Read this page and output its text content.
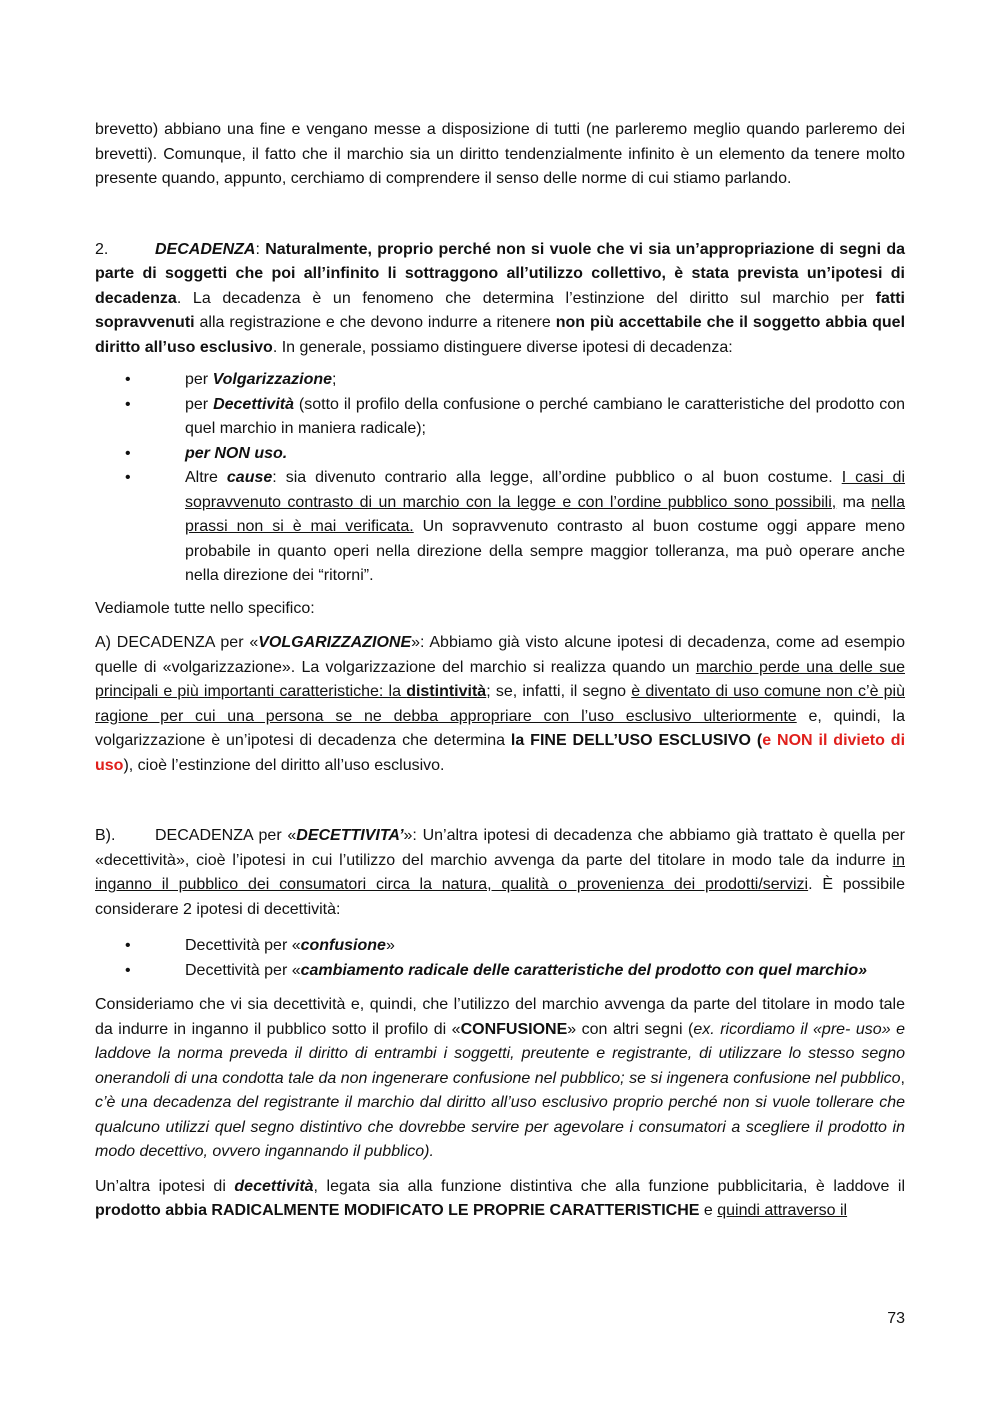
brevetto) abbiano una fine e vengano messe a disposizione di tutti (ne parleremo meglio quando parleremo dei brevetti). Comunque, il fatto che il marchio sia un diritto tendenzialmente infinito è un elemento da tenere molto presente quando, appunto, cerchiamo di comprendere il senso delle norme di cui stiamo parlando.

2.	DECADENZA: Naturalmente, proprio perché non si vuole che vi sia un’appropriazione di segni da parte di soggetti che poi all’infinito li sottraggono all’utilizzo collettivo, è stata prevista un’ipotesi di decadenza. La decadenza è un fenomeno che determina l’estinzione del diritto sul marchio per fatti sopravvenuti alla registrazione e che devono indurre a ritenere non più accettabile che il soggetto abbia quel diritto all’uso esclusivo. In generale, possiamo distinguere diverse ipotesi di decadenza:

•	per Volgarizzazione;
•	per Decettività (sotto il profilo della confusione o perché cambiano le caratteristiche del prodotto con quel marchio in maniera radicale);
•	per NON uso.
•	Altre cause: sia divenuto contrario alla legge, all’ordine pubblico o al buon costume. I casi di sopravvenuto contrasto di un marchio con la legge e con l’ordine pubblico sono possibili, ma nella prassi non si è mai verificata. Un sopravvenuto contrasto al buon costume oggi appare meno probabile in quanto operi nella direzione della sempre maggior tolleranza, ma può operare anche nella direzione dei “ritorni”.

Vediamole tutte nello specifico:

A) DECADENZA per «VOLGARIZZAZIONE»: Abbiamo già visto alcune ipotesi di decadenza, come ad esempio quelle di «volgarizzazione». La volgarizzazione del marchio si realizza quando un marchio perde una delle sue principali e più importanti caratteristiche: la distintività; se, infatti, il segno è diventato di uso comune non c’è più ragione per cui una persona se ne debba appropriare con l’uso esclusivo ulteriormente e, quindi, la volgarizzazione è un’ipotesi di decadenza che determina la FINE DELL’USO ESCLUSIVO (e NON il divieto di uso), cioè l’estinzione del diritto all’uso esclusivo.

B). DECADENZA per «DECETTIVITA’»: Un’altra ipotesi di decadenza che abbiamo già trattato è quella per «decettività», cioè l’ipotesi in cui l’utilizzo del marchio avvenga da parte del titolare in modo tale da indurre in inganno il pubblico dei consumatori circa la natura, qualità o provenienza dei prodotti/servizi. È possibile considerare 2 ipotesi di decettività:

•	Decettività per «confusione»
•	Decettività per «cambiamento radicale delle caratteristiche del prodotto con quel marchio»

Consideriamo che vi sia decettività e, quindi, che l’utilizzo del marchio avvenga da parte del titolare in modo tale da indurre in inganno il pubblico sotto il profilo di «CONFUSIONE» con altri segni (ex. ricordiamo il «pre- uso» e laddove la norma preveda il diritto di entrambi i soggetti, preutente e registrante, di utilizzare lo stesso segno onerandoli di una condotta tale da non ingenerare confusione nel pubblico; se si ingenera confusione nel pubblico, c’è una decadenza del registrante il marchio dal diritto all’uso esclusivo proprio perché non si vuole tollerare che qualcuno utilizzi quel segno distintivo che dovrebbe servire per agevolare i consumatori a scegliere il prodotto in modo decettivo, ovvero ingannando il pubblico).

Un’altra ipotesi di decettività, legata sia alla funzione distintiva che alla funzione pubblicitaria, è laddove il prodotto abbia RADICALMENTE MODIFICATO LE PROPRIE CARATTERISTICHE e quindi attraverso il

73
